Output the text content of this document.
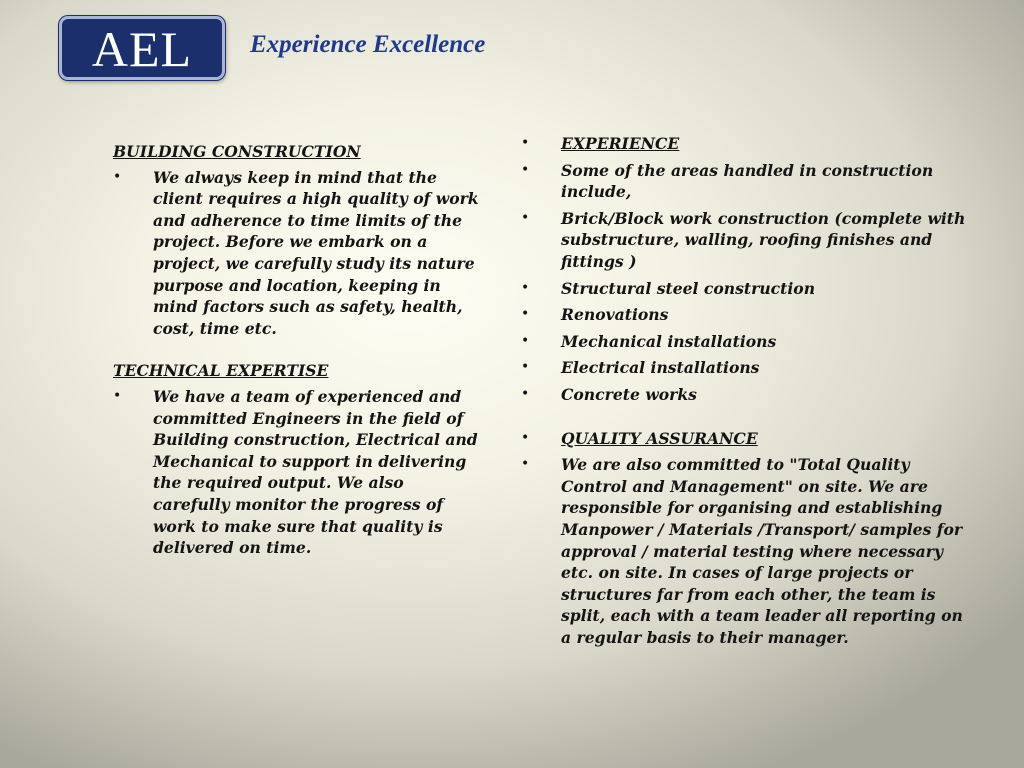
AEL Experience Excellence

BUILDING CONSTRUCTION

•	We always keep in mind that the client requires a high quality of work and adherence to time limits of the project. Before we embark on a project, we carefully study its nature purpose and location, keeping in mind factors such as safety, health, cost, time etc.

TECHNICAL EXPERTISE

•	We have a team of experienced and committed Engineers in the field of Building construction, Electrical and Mechanical to support in delivering the required output. We also carefully monitor the progress of work to make sure that quality is delivered on time.
•	EXPERIENCE
•	Some of the areas handled in construction include,
•	Brick/Block work construction (complete with substructure, walling, roofing finishes and fittings )
•	Structural steel construction
•	Renovations
•	Mechanical installations
•	Electrical installations
•	Concrete works
•	QUALITY ASSURANCE
•	We are also committed to "Total Quality Control and Management" on site. We are responsible for organising and establishing Manpower / Materials /Transport/ samples for approval / material testing where necessary etc. on site. In cases of large projects or structures far from each other, the team is split, each with a team leader all reporting on a regular basis to their manager.
